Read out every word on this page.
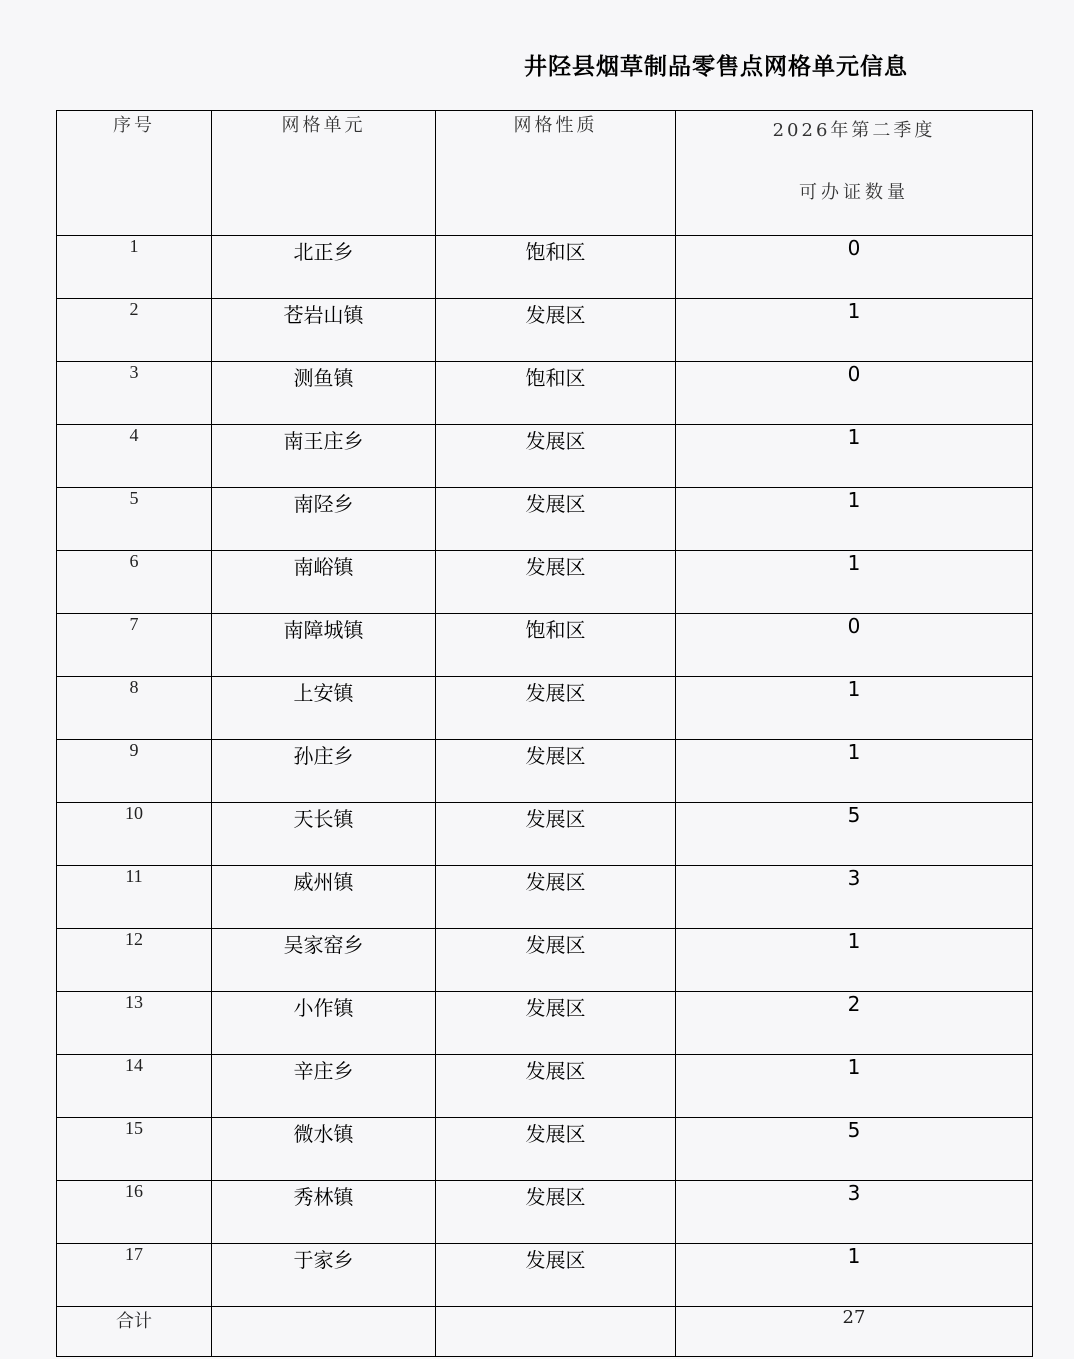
井陉县烟草制品零售点网格单元信息
序号	网格单元	网格性质	2026年第二季度
可办证数量

1	北正乡	饱和区	0
2	苍岩山镇	发展区	1
3	测鱼镇	饱和区	0
4	南王庄乡	发展区	1
5	南陉乡	发展区	1
6	南峪镇	发展区	1
7	南障城镇	饱和区	0
8	上安镇	发展区	1
9	孙庄乡	发展区	1
10	天长镇	发展区	5
11	威州镇	发展区	3
12	吴家窑乡	发展区	1
13	小作镇	发展区	2
14	辛庄乡	发展区	1
15	微水镇	发展区	5
16	秀林镇	发展区	3
17	于家乡	发展区	1
合计			27
